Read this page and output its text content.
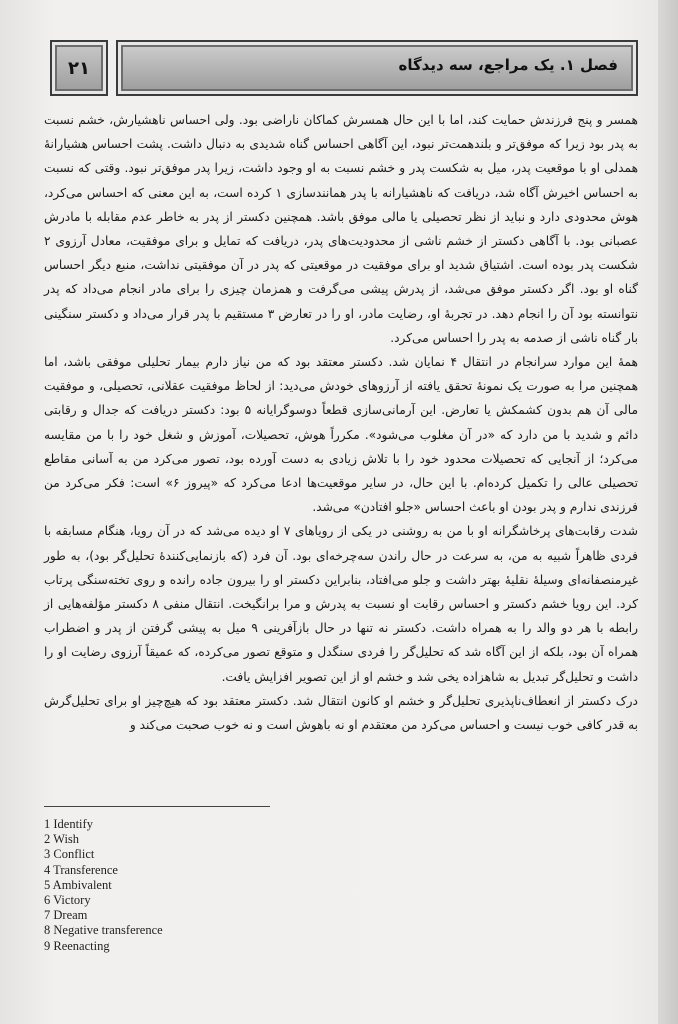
۲۱	فصل ۱. یک مراجع، سه دیدگاه

همسر و پنج فرزندش حمایت کند، اما با این حال همسرش کماکان ناراضی بود. ولی احساس ناهشیارش، خشم نسبت به پدر بود زیرا که موفق‌تر و بلندهمت‌تر نبود، این آگاهی احساس گناه شدیدی به دنبال داشت. پشت احساس هشیارانهٔ همدلی او با موقعیت پدر، میل به شکست پدر و خشم نسبت به او وجود داشت، زیرا پدر موفق‌تر نبود. وقتی که نسبت به احساس اخیرش آگاه شد، دریافت که ناهشیارانه با پدر همانندسازی ۱ کرده است، به این معنی که احساس می‌کرد، هوش محدودی دارد و نباید از نظر تحصیلی یا مالی موفق باشد. همچنین دکستر از پدر به خاطر عدم مقابله با مادرش عصبانی بود. با آگاهی دکستر از خشم ناشی از محدودیت‌های پدر، دریافت که تمایل و برای موفقیت، معادل آرزوی ۲ شکست پدر بوده است. اشتیاق شدید او برای موفقیت در موقعیتی که پدر در آن موفقیتی نداشت، منبع دیگر احساس گناه او بود. اگر دکستر موفق می‌شد، از پدرش پیشی می‌گرفت و همزمان چیزی را برای مادر انجام می‌داد که پدر نتوانسته بود آن را انجام دهد. در تجربهٔ او، رضایت مادر، او را در تعارض ۳ مستقیم با پدر قرار می‌داد و دکستر سنگینی بار گناه ناشی از صدمه به پدر را احساس می‌کرد.

همهٔ این موارد سرانجام در انتقال ۴ نمایان شد. دکستر معتقد بود که من نیاز دارم بیمار تحلیلی موفقی باشد، اما همچنین مرا به صورت یک نمونهٔ تحقق یافته از آرزوهای خودش می‌دید: از لحاظ موفقیت عقلانی، تحصیلی، و موفقیت مالی آن هم بدون کشمکش یا تعارض. این آرمانی‌سازی قطعاً دوسوگرایانه ۵ بود: دکستر دریافت که جدال و رقابتی دائم و شدید با من دارد که «در آن مغلوب می‌شود». مکرراً هوش، تحصیلات، آموزش و شغل خود را با من مقایسه می‌کرد؛ از آنجایی که تحصیلات محدود خود را با تلاش زیادی به دست آورده بود، تصور می‌کرد من به آسانی مقاطع تحصیلی عالی را تکمیل کرده‌ام. با این حال، در سایر موقعیت‌ها ادعا می‌کرد که «پیروز ۶» است: فکر می‌کرد من فرزندی ندارم و پدر بودن او باعث احساس «جلو افتادن» می‌شد.

شدت رقابت‌های پرخاشگرانه او با من به روشنی در یکی از رویاهای ۷ او دیده می‌شد که در آن رویا، هنگام مسابقه با فردی ظاهراً شبیه به من، به سرعت در حال راندن سه‌چرخه‌ای بود. آن فرد (که بازنمایی‌کنندهٔ تحلیل‌گر بود)، به طور غیرمنصفانه‌ای وسیلهٔ نقلیهٔ بهتر داشت و جلو می‌افتاد، بنابراین دکستر او را بیرون جاده رانده و روی تخته‌سنگی پرتاب کرد. این رویا خشم دکستر و احساس رقابت او نسبت به پدرش و مرا برانگیخت. انتقال منفی ۸ دکستر مؤلفه‌هایی از رابطه با هر دو والد را به همراه داشت. دکستر نه تنها در حال بازآفرینی ۹ میل به پیشی گرفتن از پدر و اضطراب همراه آن بود، بلکه از این آگاه شد که تحلیل‌گر را فردی سنگدل و متوقع تصور می‌کرده، که عمیقاً آرزوی رضایت او را داشت و تحلیل‌گر تبدیل به شاهزاده یخی شد و خشم او از این تصویر افزایش یافت.

درک دکستر از انعطاف‌ناپذیری تحلیل‌گر و خشم او کانون انتقال شد. دکستر معتقد بود که هیچ‌چیز او برای تحلیل‌گرش به قدر کافی خوب نیست و احساس می‌کرد من معتقدم او نه باهوش است و نه خوب صحبت می‌کند و

1 Identify
2 Wish
3 Conflict
4 Transference
5 Ambivalent
6 Victory
7 Dream
8 Negative transference
9 Reenacting
